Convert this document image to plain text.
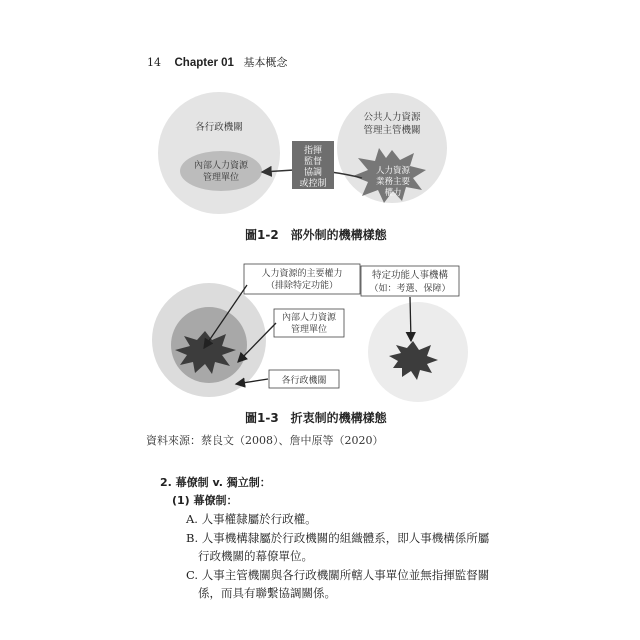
14 Chapter 01 基本概念
各行政機關
內部人力資源
管理單位
公共人力資源
管理主管機關
人力資源
業務主要
權力
指揮
監督
協調
或控制
圖1-2　部外制的機構樣態
人力資源的主要權力
（排除特定功能）
內部人力資源
管理單位
各行政機關
特定功能人事機構
（如：考選、保障）
圖1-3　折衷制的機構樣態
資料來源：蔡良文（2008）、詹中原等（2020）
2. 幕僚制 v. 獨立制：
(1) 幕僚制：
A. 人事權隸屬於行政權。
B. 人事機構隸屬於行政機關的組織體系，即人事機構係所屬
行政機關的幕僚單位。
C. 人事主管機關與各行政機關所轄人事單位並無指揮監督關
係，而具有聯繫協調關係。
